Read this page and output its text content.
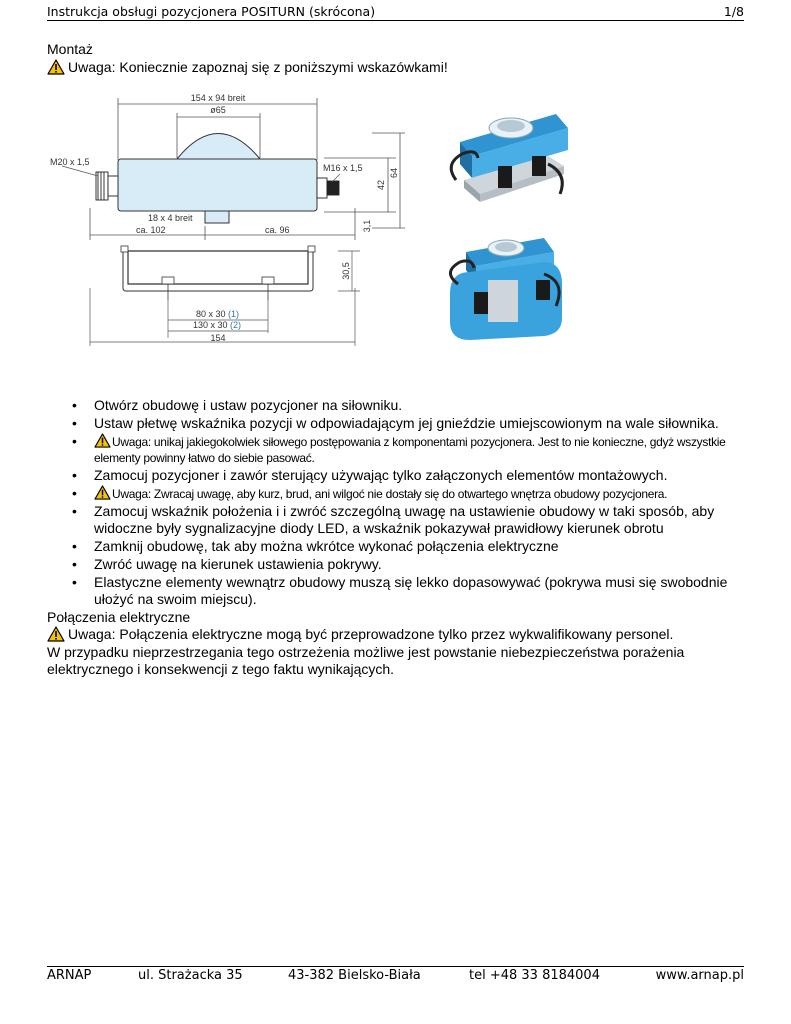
Instrukcja obsługi pozycjonera POSITURN (skrócona)	1/8
Montaż
Uwaga: Koniecznie zapoznaj się z poniższymi wskazówkami!
154 x 94 breit
ø65
M20 x 1,5
M16 x 1,5
42
64
18 x 4 breit
ca. 102	ca. 96	3,1
30,5
80 x 30 (1)
130 x 30 (2)
154
• Otwórz obudowę i ustaw pozycjoner na siłowniku.
• Ustaw płetwę wskaźnika pozycji w odpowiadającym jej gnieździe umiejscowionym na wale siłownika.
• Uwaga: unikaj jakiegokolwiek siłowego postępowania z komponentami pozycjonera. Jest to nie konieczne, gdyż wszystkie elementy powinny łatwo do siebie pasować.
• Zamocuj pozycjoner i zawór sterujący używając tylko załączonych elementów montażowych.
• Uwaga: Zwracaj uwagę, aby kurz, brud, ani wilgoć nie dostały się do otwartego wnętrza obudowy pozycjonera.
• Zamocuj wskaźnik położenia i i zwróć szczególną uwagę na ustawienie obudowy w taki sposób, aby widoczne były sygnalizacyjne diody LED, a wskaźnik pokazywał prawidłowy kierunek obrotu
• Zamknij obudowę, tak aby można wkrótce wykonać połączenia elektryczne
• Zwróć uwagę na kierunek ustawienia pokrywy.
• Elastyczne elementy wewnątrz obudowy muszą się lekko dopasowywać (pokrywa musi się swobodnie ułożyć na swoim miejscu).
Połączenia elektryczne
Uwaga: Połączenia elektryczne mogą być przeprowadzone tylko przez wykwalifikowany personel.
W przypadku nieprzestrzegania tego ostrzeżenia możliwe jest powstanie niebezpieczeństwa porażenia elektrycznego i konsekwencji z tego faktu wynikających.
ARNAP	ul. Strażacka 35	43-382 Bielsko-Biała	tel +48 33 8184004	www.arnap.pl
